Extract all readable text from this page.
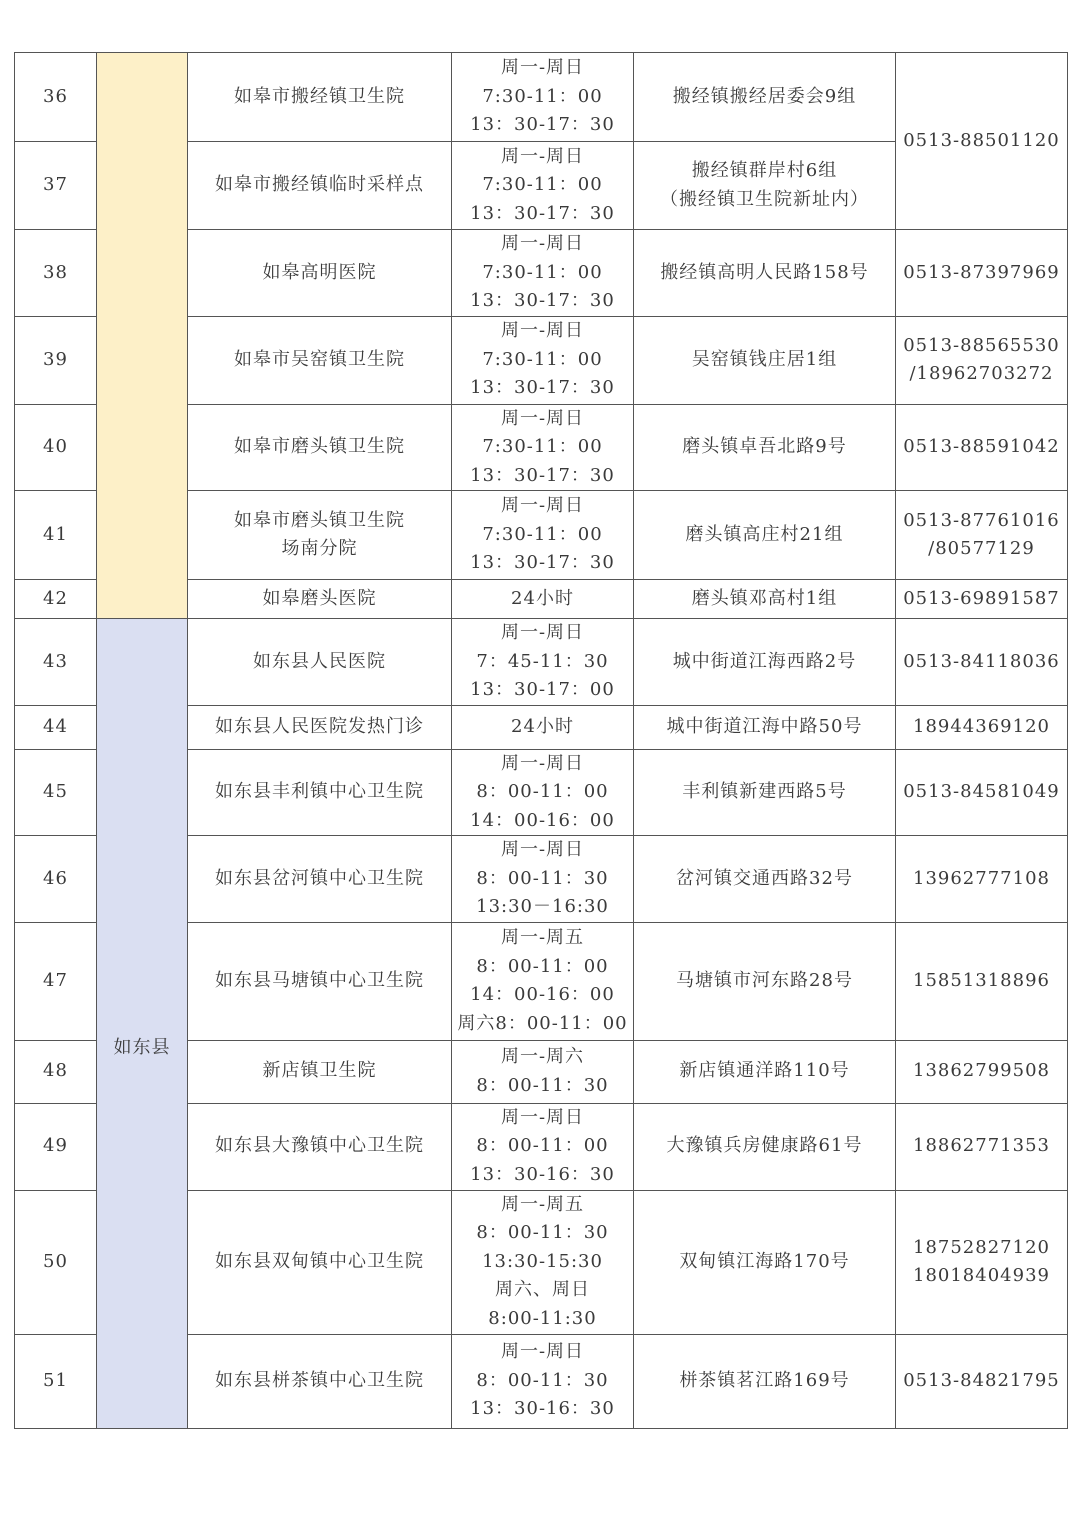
36		如皋市搬经镇卫生院	周一-周日
7:30-11：00
13：30-17：30	搬经镇搬经居委会9组	0513-88501120
37		如皋市搬经镇临时采样点	周一-周日
7:30-11：00
13：30-17：30	搬经镇群岸村6组
（搬经镇卫生院新址内）	
38		如皋高明医院	周一-周日
7:30-11：00
13：30-17：30	搬经镇高明人民路158号	0513-87397969
39		如皋市吴窑镇卫生院	周一-周日
7:30-11：00
13：30-17：30	吴窑镇钱庄居1组	0513-88565530
/18962703272
40		如皋市磨头镇卫生院	周一-周日
7:30-11：00
13：30-17：30	磨头镇卓吾北路9号	0513-88591042
41		如皋市磨头镇卫生院
场南分院	周一-周日
7:30-11：00
13：30-17：30	磨头镇高庄村21组	0513-87761016
/80577129
42		如皋磨头医院	24小时	磨头镇邓高村1组	0513-69891587
43	如东县	如东县人民医院	周一-周日
7：45-11：30
13：30-17：00	城中街道江海西路2号	0513-84118036
44		如东县人民医院发热门诊	24小时	城中街道江海中路50号	18944369120
45		如东县丰利镇中心卫生院	周一-周日
8：00-11：00
14：00-16：00	丰利镇新建西路5号	0513-84581049
46		如东县岔河镇中心卫生院	周一-周日
8：00-11：30
13:30－16:30	岔河镇交通西路32号	13962777108
47		如东县马塘镇中心卫生院	周一-周五
8：00-11：00
14：00-16：00
周六8：00-11：00	马塘镇市河东路28号	15851318896
48		新店镇卫生院	周一-周六
8：00-11：30	新店镇通洋路110号	13862799508
49		如东县大豫镇中心卫生院	周一-周日
8：00-11：00
13：30-16：30	大豫镇兵房健康路61号	18862771353
50		如东县双甸镇中心卫生院	周一-周五
8：00-11：30
13:30-15:30
周六、周日
8:00-11:30	双甸镇江海路170号	18752827120
18018404939
51		如东县栟茶镇中心卫生院	周一-周日
8：00-11：30
13：30-16：30	栟茶镇茗江路169号	0513-84821795
